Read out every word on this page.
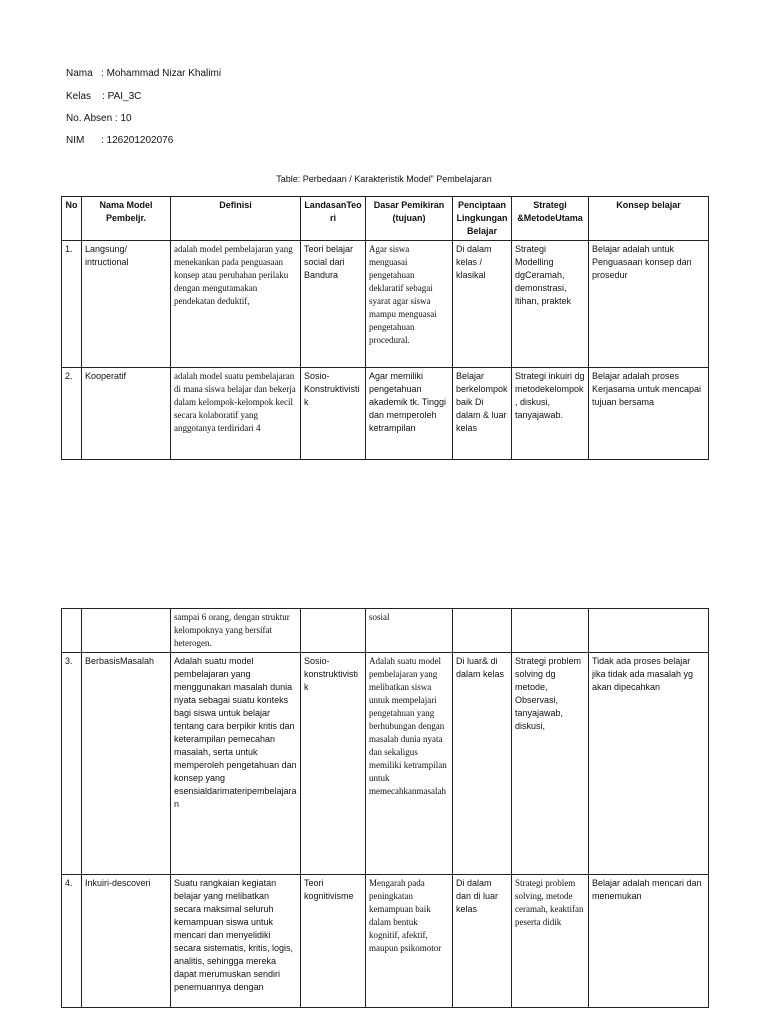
Nama   : Mohammad Nizar Khalimi
Kelas    : PAI_3C
No. Absen : 10
NIM      : 126201202076
Table: Perbedaan / Karakteristik Model” Pembelajaran
No	Nama Model Pembeljr.	Definisi	LandasanTeori	Dasar Pemikiran (tujuan)	Penciptaan Lingkungan Belajar	Strategi &MetodeUtama	Konsep belajar
1.	Langsung/ intructional	adalah model pembelajaran yang menekankan pada penguasaan konsep atau perubahan perilaku dengan mengutamakan pendekatan deduktif,	Teori belajar social dari Bandura	Agar siswa menguasai pengetahuan deklaratif sebagai syarat agar siswa mampu menguasai pengetahuan procedural.	Di dalam kelas / klasikal	Strategi Modelling dgCeramah, demonstrasi, ltihan, praktek	Belajar adalah untuk Penguasaan konsep dan prosedur
2.	Kooperatif	adalah model suatu pembelajaran di mana siswa belajar dan bekerja dalam kelompok-kelompok kecil secara kolaboratif yang anggotanya terdiridari 4	Sosio-Konstruktivistik	Agar memiliki pengetahuan akademik tk. Tinggi dan memperoleh ketrampilan	Belajar berkelompok baik Di dalam & luar kelas	Strategi inkuiri dg metodekelompok, diskusi, tanyajawab.	Belajar adalah proses Kerjasama untuk mencapai tujuan bersama
		sampai 6 orang, dengan struktur kelompoknya yang bersifat heterogen.		sosial			
3.	BerbasisMasalah	Adalah suatu model pembelajaran yang menggunakan masalah dunia nyata sebagai suatu konteks bagi siswa untuk belajar tentang cara berpikir kritis dan keterampilan pemecahan masalah, serta untuk memperoleh pengetahuan dan konsep yang esensialdarimateripembelajaran	Sosio-konstruktivistik	Adalah suatu model pembelajaran yang melibatkan siswa untuk mempelajari pengetahuan yang berhubungan dengan masalah dunia nyata dan sekaligus memiliki ketrampilan untuk memecahkanmasalah	Di luar& di dalam kelas	Strategi problem solving dg metode, Observasi, tanyajawab, diskusi,	Tidak ada proses belajar jika tidak ada masalah yg akan dipecahkan
4.	Inkuiri-descoveri	Suatu rangkaian kegiatan belajar yang melibatkan secara maksimal seluruh kemampuan siswa untuk mencari dan menyelidiki secara sistematis, kritis, logis, analitis, sehingga mereka dapat merumuskan sendiri penemuannya dengan	Teori kognitivisme	Mengarah pada peningkatan kemampuan baik dalam bentuk kognitif, afektif, maupun psikomotor	Di dalam dan di luar kelas	Strategi problem solving, metode ceramah, keaktifan peserta didik	Belajar adalah mencari dan menemukan
